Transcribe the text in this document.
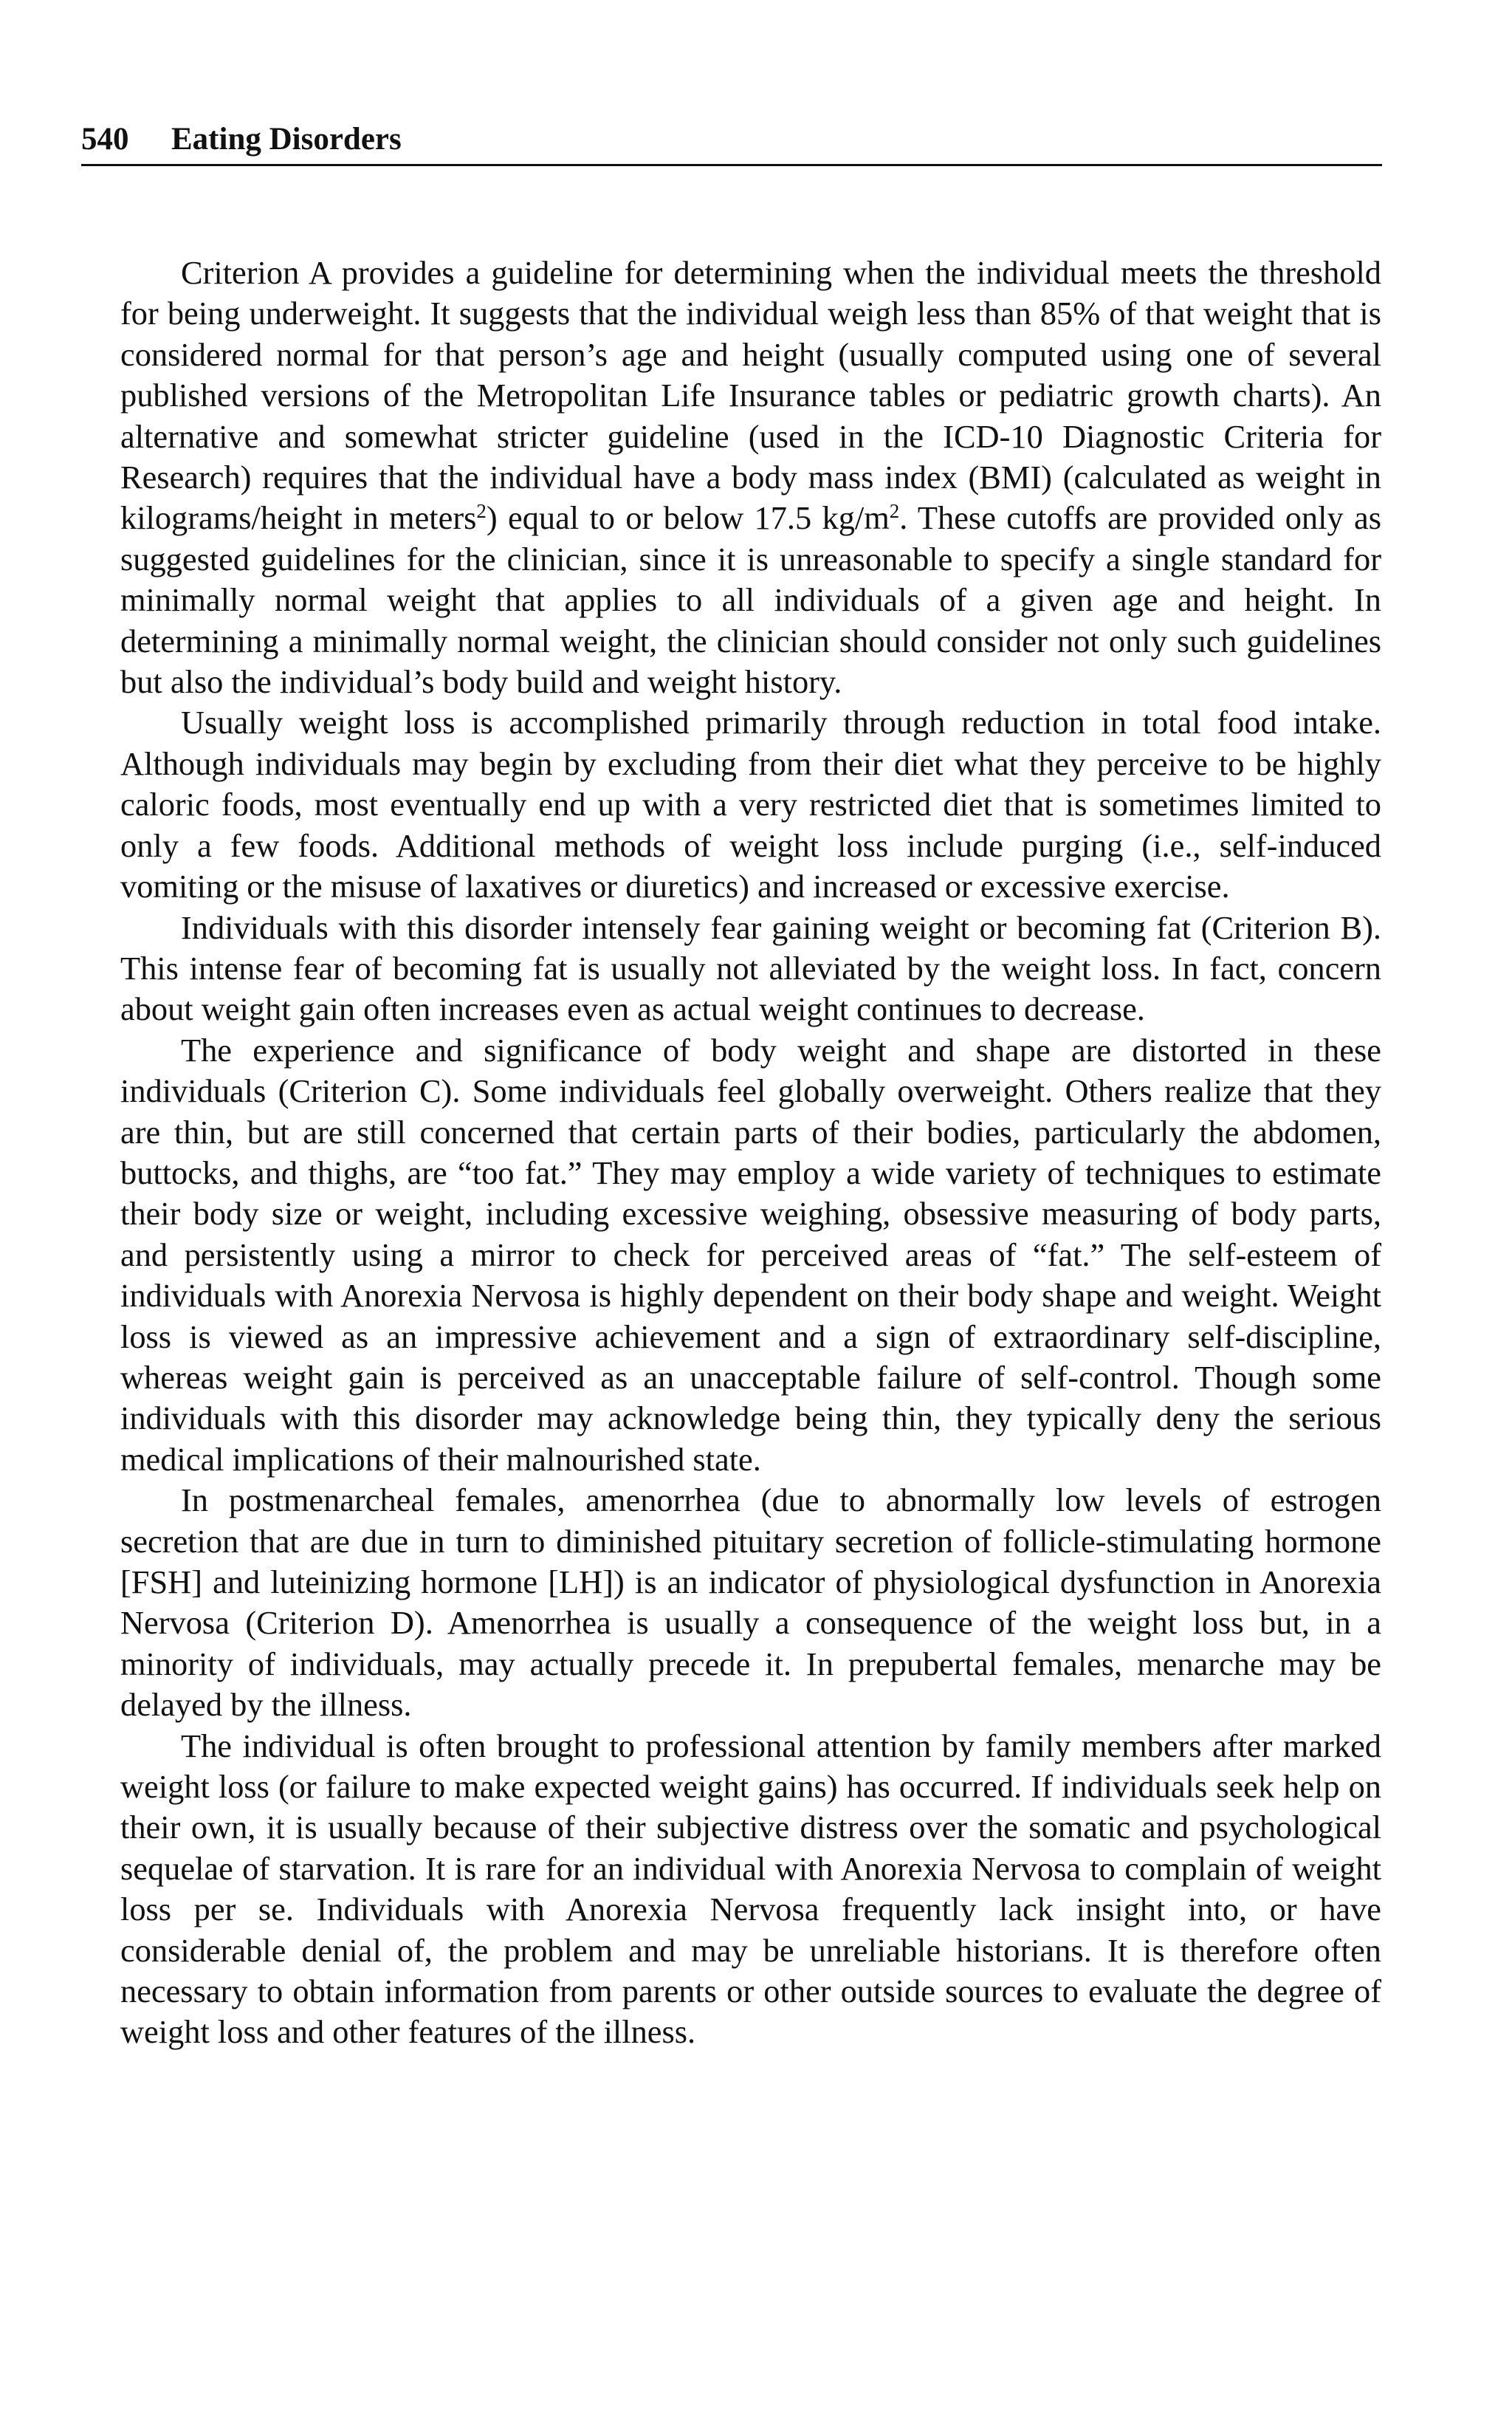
540	Eating Disorders

Criterion A provides a guideline for determining when the individual meets the threshold for being underweight. It suggests that the individual weigh less than 85% of that weight that is considered normal for that person’s age and height (usually computed using one of several published versions of the Metropolitan Life Insurance tables or pediatric growth charts). An alternative and somewhat stricter guideline (used in the ICD-10 Diagnostic Criteria for Research) requires that the individual have a body mass index (BMI) (calculated as weight in kilograms/height in meters$^2$) equal to or below 17.5 $kg/m^2$. These cutoffs are provided only as suggested guidelines for the clinician, since it is unreasonable to specify a single standard for minimally normal weight that applies to all individuals of a given age and height. In determining a minimally normal weight, the clinician should consider not only such guidelines but also the individual’s body build and weight history.

Usually weight loss is accomplished primarily through reduction in total food intake. Although individuals may begin by excluding from their diet what they perceive to be highly caloric foods, most eventually end up with a very restricted diet that is sometimes limited to only a few foods. Additional methods of weight loss include purging (i.e., self-induced vomiting or the misuse of laxatives or diuretics) and increased or excessive exercise.

Individuals with this disorder intensely fear gaining weight or becoming fat (Criterion B). This intense fear of becoming fat is usually not alleviated by the weight loss. In fact, concern about weight gain often increases even as actual weight continues to decrease.

The experience and significance of body weight and shape are distorted in these individuals (Criterion C). Some individuals feel globally overweight. Others realize that they are thin, but are still concerned that certain parts of their bodies, particularly the abdomen, buttocks, and thighs, are “too fat.” They may employ a wide variety of techniques to estimate their body size or weight, including excessive weighing, obsessive measuring of body parts, and persistently using a mirror to check for perceived areas of “fat.” The self-esteem of individuals with Anorexia Nervosa is highly dependent on their body shape and weight. Weight loss is viewed as an impressive achievement and a sign of extraordinary self-discipline, whereas weight gain is perceived as an unacceptable failure of self-control. Though some individuals with this disorder may acknowledge being thin, they typically deny the serious medical implications of their malnourished state.

In postmenarcheal females, amenorrhea (due to abnormally low levels of estrogen secretion that are due in turn to diminished pituitary secretion of follicle-stimulating hormone [FSH] and luteinizing hormone [LH]) is an indicator of physiological dysfunction in Anorexia Nervosa (Criterion D). Amenorrhea is usually a consequence of the weight loss but, in a minority of individuals, may actually precede it. In prepubertal females, menarche may be delayed by the illness.

The individual is often brought to professional attention by family members after marked weight loss (or failure to make expected weight gains) has occurred. If individuals seek help on their own, it is usually because of their subjective distress over the somatic and psychological sequelae of starvation. It is rare for an individual with Anorexia Nervosa to complain of weight loss per se. Individuals with Anorexia Nervosa frequently lack insight into, or have considerable denial of, the problem and may be unreliable historians. It is therefore often necessary to obtain information from parents or other outside sources to evaluate the degree of weight loss and other features of the illness.
